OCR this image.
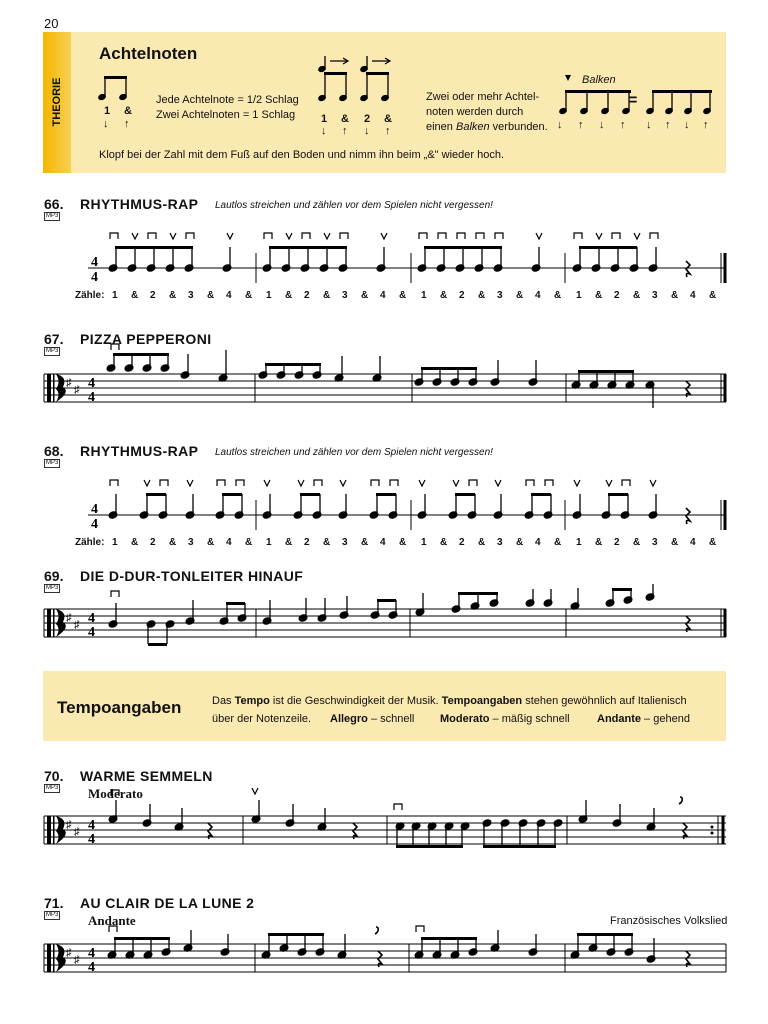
20
THEORIE
Achtelnoten
1 &
↓ ↑
Jede Achtelnote = 1/2 Schlag
Zwei Achtelnoten = 1 Schlag 1 & 2 &
↓ ↑ ↓ ↑
Zwei oder mehr Achtel-
noten werden durch
einen Balken verbunden.
Balken
=
↓ ↑ ↓ ↑ ↓ ↑ ↓ ↑
Klopf bei der Zahl mit dem Fuß auf den Boden und nimm ihn beim „&" wieder hoch.
66. RHYTHMUS-RAP Lautlos streichen und zählen vor dem Spielen nicht vergessen!
MP3
4
4
Zähle: 1 & 2 & 3 & 4 & 1 & 2 & 3 & 4 & 1 & 2 & 3 & 4 & 1 & 2 & 3 & 4 &
67. PIZZA PEPPERONI
MP3
♯
♯ 4
4
68. RHYTHMUS-RAP Lautlos streichen und zählen vor dem Spielen nicht vergessen!
MP3
4
4
Zähle: 1 & 2 & 3 & 4 & 1 & 2 & 3 & 4 & 1 & 2 & 3 & 4 & 1 & 2 & 3 & 4 &
69. DIE D-DUR-TONLEITER HINAUF
MP3
♯
♯ 4
4
Tempoangaben	Das Tempo ist die Geschwindigkeit der Musik. Tempoangaben stehen gewöhnlich auf Italienisch
über der Notenzeile. Allegro – schnell Moderato – mäßig schnell Andante – gehend
70. WARME SEMMELN
MP3 Moderato
♯
♯ 4
4
71. AU CLAIR DE LA LUNE 2
MP3 Andante	Französisches Volkslied
♯
♯ 4
4
